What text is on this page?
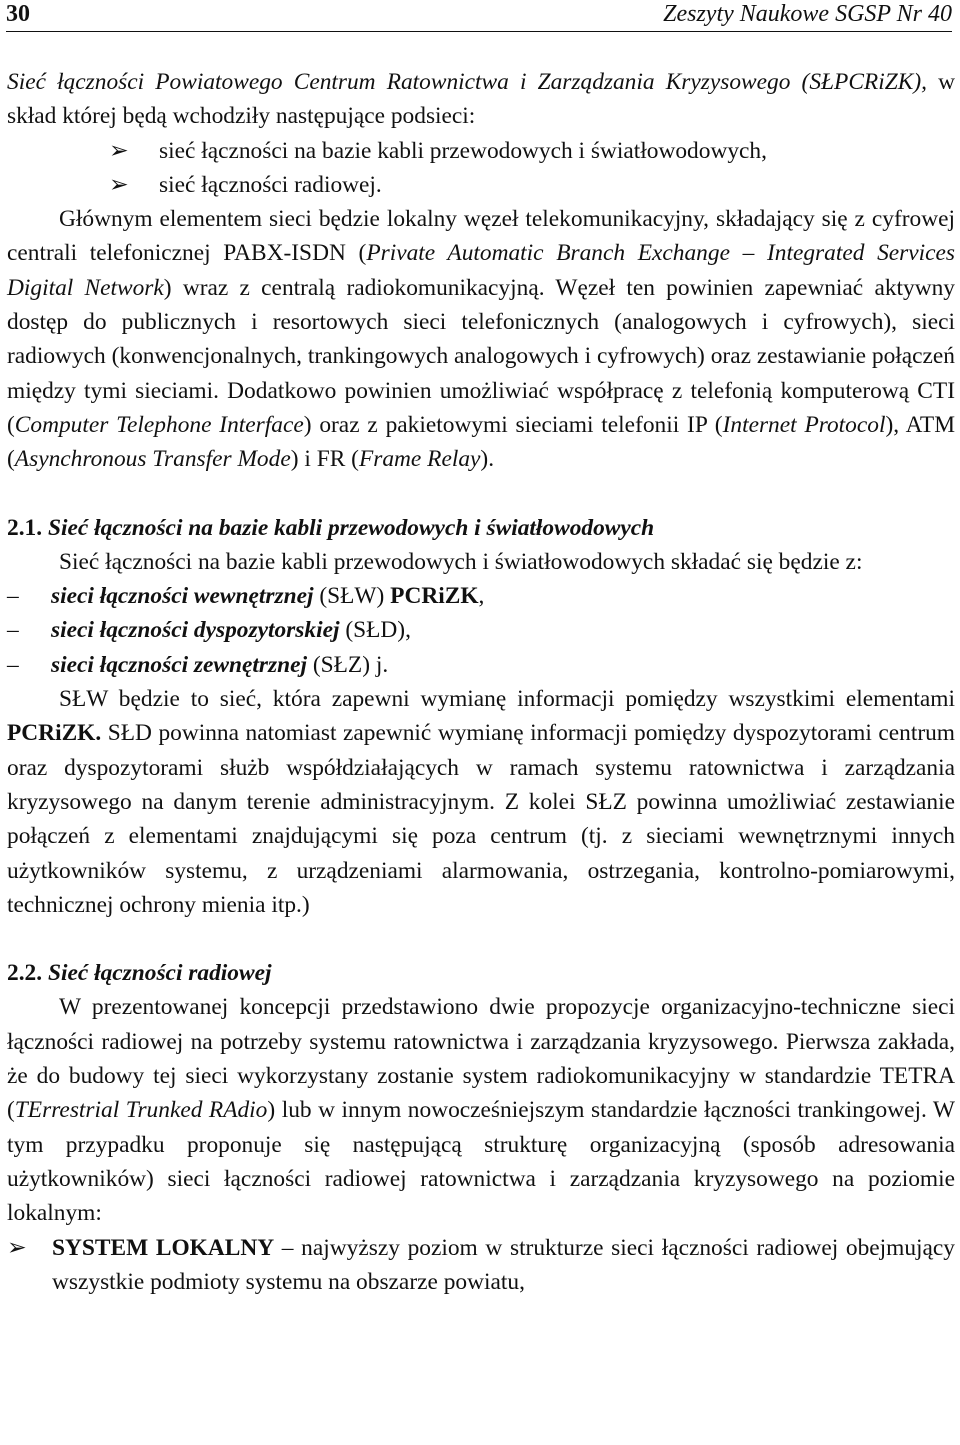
30	Zeszyty Naukowe SGSP Nr 40

Sieć łączności Powiatowego Centrum Ratownictwa i Zarządzania Kryzysowego (SŁPCRiZK), w skład której będą wchodziły następujące podsieci:

➢ sieć łączności na bazie kabli przewodowych i światłowodowych,
➢ sieć łączności radiowej.

Głównym elementem sieci będzie lokalny węzeł telekomunikacyjny, składający się z cyfrowej centrali telefonicznej PABX-ISDN (Private Automatic Branch Exchange – Integrated Services Digital Network) wraz z centralą radiokomunikacyjną. Węzeł ten powinien zapewniać aktywny dostęp do publicznych i resortowych sieci telefonicznych (analogowych i cyfrowych), sieci radiowych (konwencjonalnych, trankingowych analogowych i cyfrowych) oraz zestawianie połączeń między tymi sieciami. Dodatkowo powinien umożliwiać współpracę z telefonią komputerową CTI (Computer Telephone Interface) oraz z pakietowymi sieciami telefonii IP (Internet Protocol), ATM (Asynchronous Transfer Mode) i FR (Frame Relay).

2.1. Sieć łączności na bazie kabli przewodowych i światłowodowych

Sieć łączności na bazie kabli przewodowych i światłowodowych składać się będzie z:

– sieci łączności wewnętrznej (SŁW) PCRiZK,
– sieci łączności dyspozytorskiej (SŁD),
– sieci łączności zewnętrznej (SŁZ) j.

SŁW będzie to sieć, która zapewni wymianę informacji pomiędzy wszystkimi elementami PCRiZK. SŁD powinna natomiast zapewnić wymianę informacji pomiędzy dyspozytorami centrum oraz dyspozytorami służb współdziałających w ramach systemu ratownictwa i zarządzania kryzysowego na danym terenie administracyjnym. Z kolei SŁZ powinna umożliwiać zestawianie połączeń z elementami znajdującymi się poza centrum (tj. z sieciami wewnętrznymi innych użytkowników systemu, z urządzeniami alarmowania, ostrzegania, kontrolno-pomiarowymi, technicznej ochrony mienia itp.)

2.2. Sieć łączności radiowej

W prezentowanej koncepcji przedstawiono dwie propozycje organizacyjno-techniczne sieci łączności radiowej na potrzeby systemu ratownictwa i zarządzania kryzysowego. Pierwsza zakłada, że do budowy tej sieci wykorzystany zostanie system radiokomunikacyjny w standardzie TETRA (TErrestrial Trunked RAdio) lub w innym nowocześniejszym standardzie łączności trankingowej. W tym przypadku proponuje się następującą strukturę organizacyjną (sposób adresowania użytkowników) sieci łączności radiowej ratownictwa i zarządzania kryzysowego na poziomie lokalnym:

➢ SYSTEM LOKALNY – najwyższy poziom w strukturze sieci łączności radiowej obejmujący wszystkie podmioty systemu na obszarze powiatu,
